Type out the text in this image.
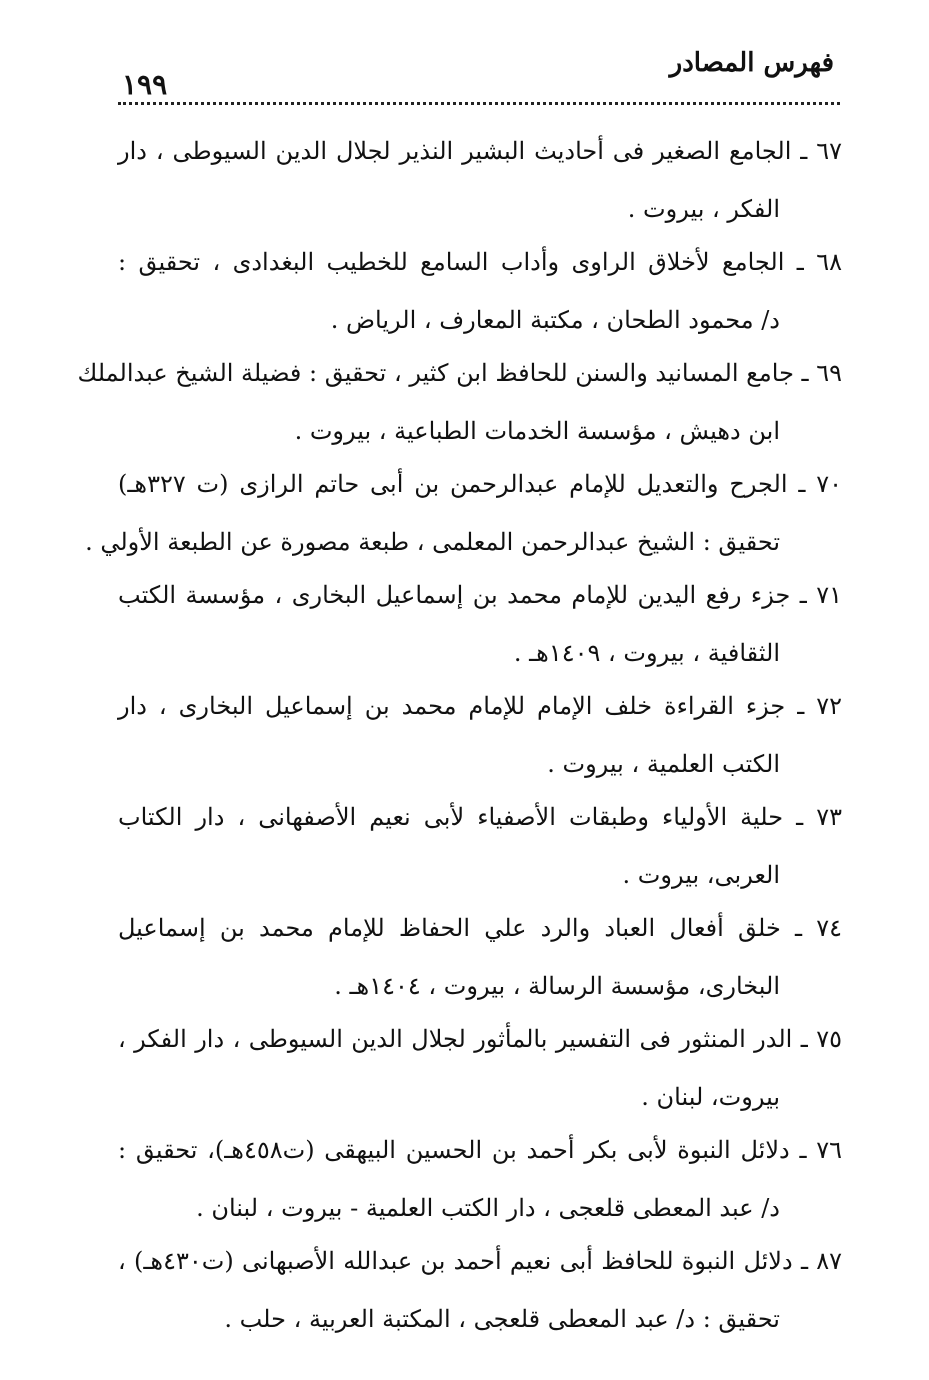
فهرس المصادر
١٩٩
٦٧ ـ الجامع الصغير فى أحاديث البشير النذير لجلال الدين السيوطى ، دار
الفكر ، بيروت .
٦٨ ـ الجامع لأخلاق الراوى وأداب السامع للخطيب البغدادى ، تحقيق :
د/ محمود الطحان ، مكتبة المعارف ، الرياض .
٦٩ ـ جامع المسانيد والسنن للحافظ ابن كثير ، تحقيق : فضيلة الشيخ عبدالملك
ابن دهيش ، مؤسسة الخدمات الطباعية ، بيروت .
٧٠ ـ الجرح والتعديل للإمام عبدالرحمن بن أبى حاتم الرازى (ت ٣٢٧هـ)
تحقيق : الشيخ عبدالرحمن المعلمى ، طبعة مصورة عن الطبعة الأولي .
٧١ ـ جزء رفع اليدين للإمام محمد بن إسماعيل البخارى ، مؤسسة الكتب
الثقافية ، بيروت ، ١٤٠٩هـ .
٧٢ ـ جزء القراءة خلف الإمام للإمام محمد بن إسماعيل البخارى ، دار
الكتب العلمية ، بيروت .
٧٣ ـ حلية الأولياء وطبقات الأصفياء لأبى نعيم الأصفهانى ، دار الكتاب
العربى، بيروت .
٧٤ ـ خلق أفعال العباد والرد علي الحفاظ للإمام محمد بن إسماعيل
البخارى، مؤسسة الرسالة ، بيروت ، ١٤٠٤هـ .
٧٥ ـ الدر المنثور فى التفسير بالمأثور لجلال الدين السيوطى ، دار الفكر ،
بيروت، لبنان .
٧٦ ـ دلائل النبوة لأبى بكر أحمد بن الحسين البيهقى (ت٤٥٨هـ)، تحقيق :
د/ عبد المعطى قلعجى ، دار الكتب العلمية - بيروت ، لبنان .
٨٧ ـ دلائل النبوة للحافظ أبى نعيم أحمد بن عبدالله الأصبهانى (ت٤٣٠هـ) ،
تحقيق : د/ عبد المعطى قلعجى ، المكتبة العربية ، حلب .
